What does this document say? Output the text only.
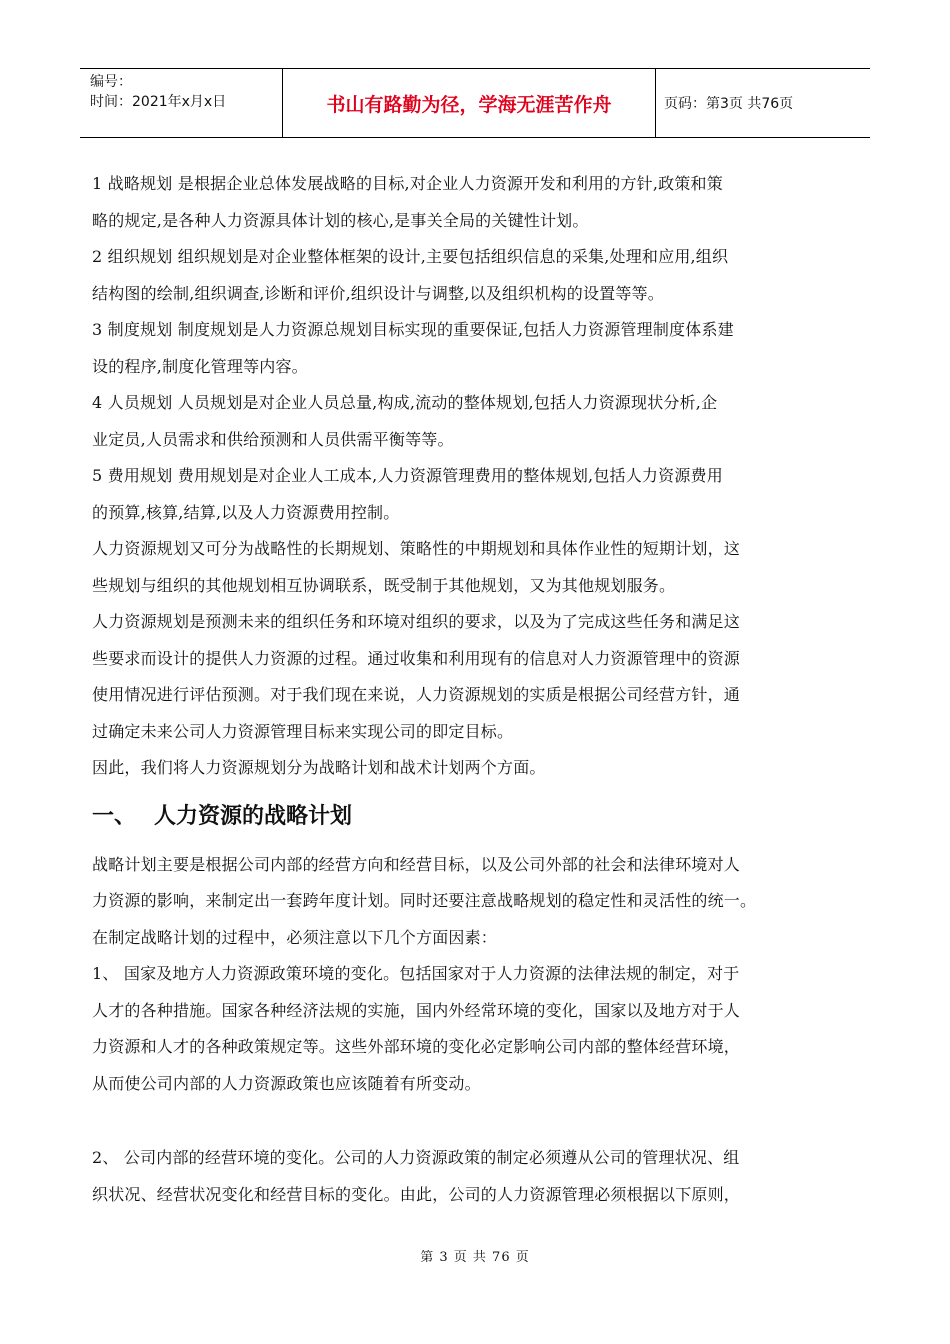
编号：
时间：2021年x月x日	书山有路勤为径，学海无涯苦作舟	页码：第3页 共76页
1 战略规划 是根据企业总体发展战略的目标,对企业人力资源开发和利用的方针,政策和策
略的规定,是各种人力资源具体计划的核心,是事关全局的关键性计划。
2 组织规划 组织规划是对企业整体框架的设计,主要包括组织信息的采集,处理和应用,组织
结构图的绘制,组织调查,诊断和评价,组织设计与调整,以及组织机构的设置等等。
3 制度规划 制度规划是人力资源总规划目标实现的重要保证,包括人力资源管理制度体系建
设的程序,制度化管理等内容。
4 人员规划 人员规划是对企业人员总量,构成,流动的整体规划,包括人力资源现状分析,企
业定员,人员需求和供给预测和人员供需平衡等等。
5 费用规划 费用规划是对企业人工成本,人力资源管理费用的整体规划,包括人力资源费用
的预算,核算,结算,以及人力资源费用控制。
人力资源规划又可分为战略性的长期规划、策略性的中期规划和具体作业性的短期计划，这
些规划与组织的其他规划相互协调联系，既受制于其他规划，又为其他规划服务。
人力资源规划是预测未来的组织任务和环境对组织的要求，以及为了完成这些任务和满足这
些要求而设计的提供人力资源的过程。通过收集和利用现有的信息对人力资源管理中的资源
使用情况进行评估预测。对于我们现在来说，人力资源规划的实质是根据公司经营方针，通
过确定未来公司人力资源管理目标来实现公司的即定目标。
因此，我们将人力资源规划分为战略计划和战术计划两个方面。
一、 人力资源的战略计划
战略计划主要是根据公司内部的经营方向和经营目标，以及公司外部的社会和法律环境对人
力资源的影响，来制定出一套跨年度计划。同时还要注意战略规划的稳定性和灵活性的统一。
在制定战略计划的过程中，必须注意以下几个方面因素：
1、 国家及地方人力资源政策环境的变化。包括国家对于人力资源的法律法规的制定，对于
人才的各种措施。国家各种经济法规的实施，国内外经常环境的变化，国家以及地方对于人
力资源和人才的各种政策规定等。这些外部环境的变化必定影响公司内部的整体经营环境，
从而使公司内部的人力资源政策也应该随着有所变动。
2、 公司内部的经营环境的变化。公司的人力资源政策的制定必须遵从公司的管理状况、组
织状况、经营状况变化和经营目标的变化。由此，公司的人力资源管理必须根据以下原则，
第 3 页 共 76 页
